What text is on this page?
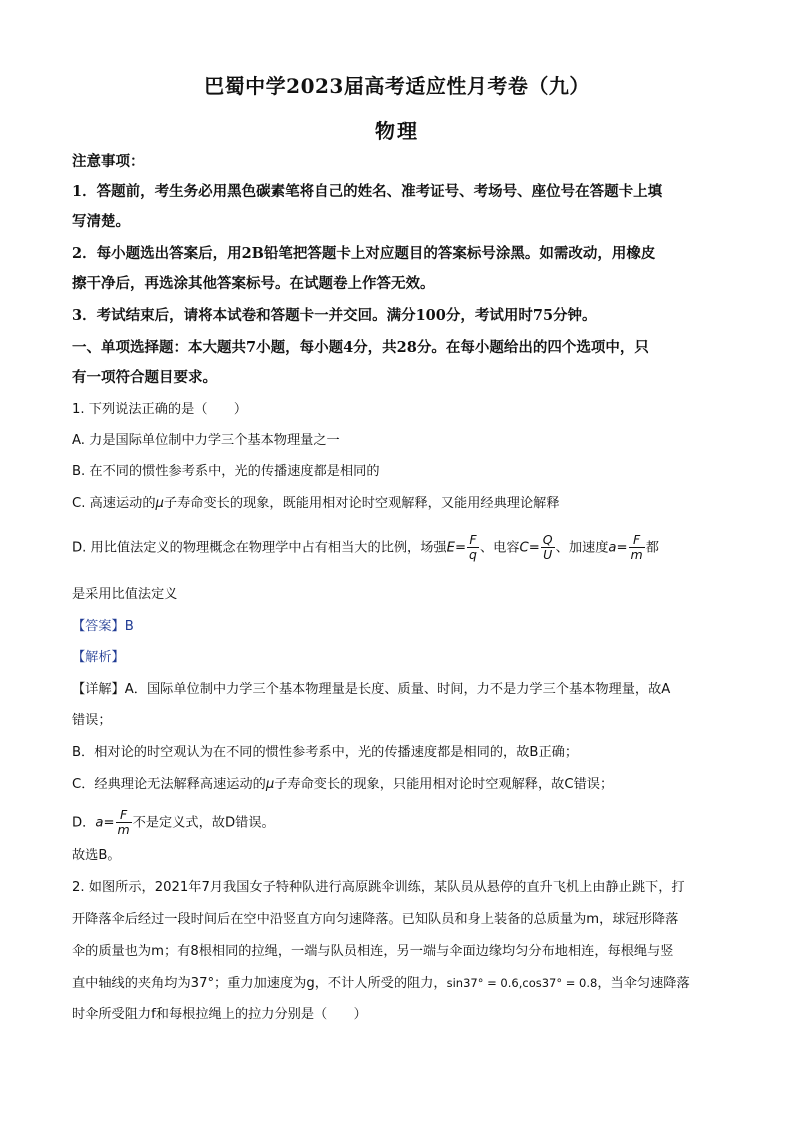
巴蜀中学2023届高考适应性月考卷（九）
物理
注意事项：
1．答题前，考生务必用黑色碳素笔将自己的姓名、准考证号、考场号、座位号在答题卡上填
写清楚。
2．每小题选出答案后，用2B铅笔把答题卡上对应题目的答案标号涂黑。如需改动，用橡皮
擦干净后，再选涂其他答案标号。在试题卷上作答无效。
3．考试结束后，请将本试卷和答题卡一并交回。满分100分，考试用时75分钟。
一、单项选择题：本大题共7小题，每小题4分，共28分。在每小题给出的四个选项中，只
有一项符合题目要求。
1. 下列说法正确的是（　　）
A. 力是国际单位制中力学三个基本物理量之一
B. 在不同的惯性参考系中，光的传播速度都是相同的
C. 高速运动的μ子寿命变长的现象，既能用相对论时空观解释，又能用经典理论解释
D. 用比值法定义的物理概念在物理学中占有相当大的比例，场强$E= \frac{F}{q}$ 、电容$C= \frac{Q}{U}$ 、加速度$a= \frac{F}{m}$ 都
是采用比值法定义
【答案】B
【解析】
【详解】A．国际单位制中力学三个基本物理量是长度、质量、时间，力不是力学三个基本物理量，故A
错误；
B．相对论的时空观认为在不同的惯性参考系中，光的传播速度都是相同的，故B正确；
C．经典理论无法解释高速运动的μ子寿命变长的现象，只能用相对论时空观解释，故C错误；
D．$a= \frac{F}{m}$ 不是定义式，故D错误。
故选B。
2. 如图所示，2021年7月我国女子特种队进行高原跳伞训练，某队员从悬停的直升飞机上由静止跳下，打
开降落伞后经过一段时间后在空中沿竖直方向匀速降落。已知队员和身上装备的总质量为m，球冠形降落
伞的质量也为m；有8根相同的拉绳，一端与队员相连，另一端与伞面边缘均匀分布地相连，每根绳与竖
直中轴线的夹角均为37°；重力加速度为g，不计人所受的阻力，sin37° = 0.6,cos37° = 0.8，当伞匀速降落
时伞所受阻力f和每根拉绳上的拉力分别是（　　）
